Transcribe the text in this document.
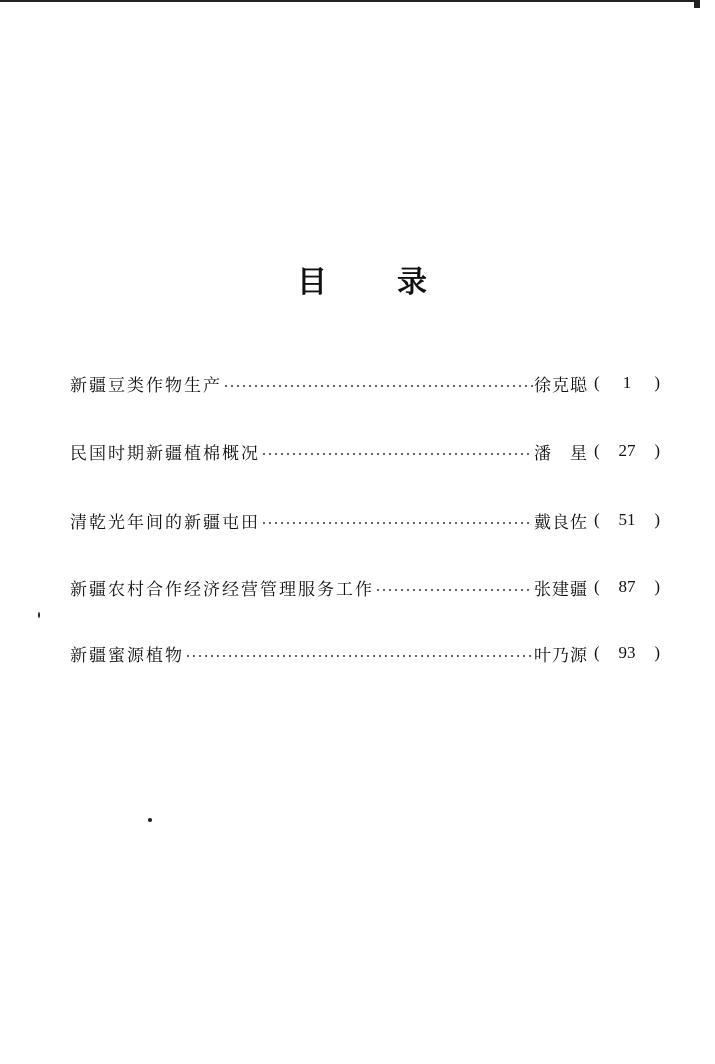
目 录
新疆豆类作物生产	徐克聪 ( 1 )
民国时期新疆植棉概况	潘　星 ( 27 )
清乾光年间的新疆屯田	戴良佐 ( 51 )
新疆农村合作经济经营管理服务工作	张建疆 ( 87 )
新疆蜜源植物	叶乃源 ( 93 )
